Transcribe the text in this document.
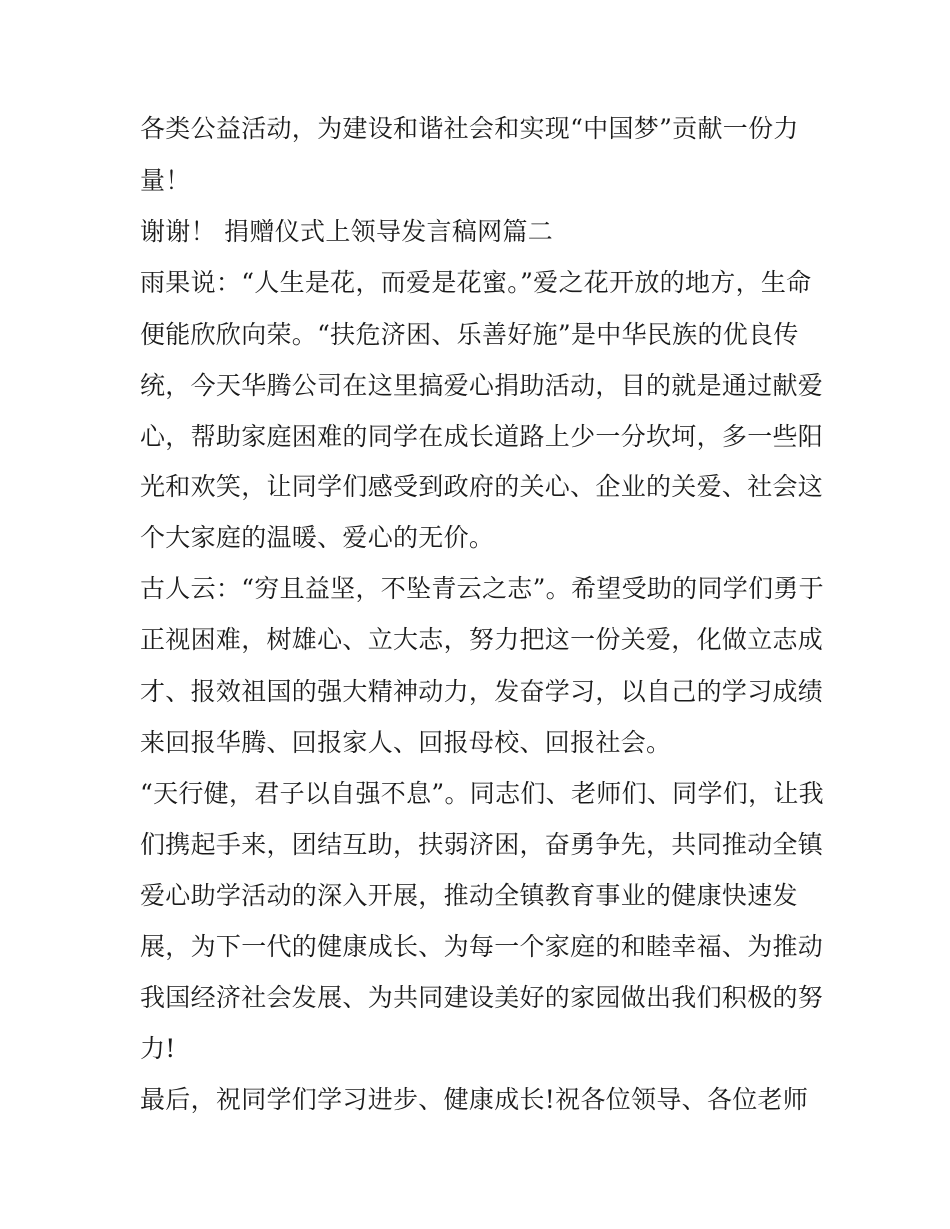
各类公益活动，为建设和谐社会和实现“中国梦”贡献一份力
量！
谢谢！ 捐赠仪式上领导发言稿网篇二
雨果说：“人生是花，而爱是花蜜。”爱之花开放的地方，生命
便能欣欣向荣。“扶危济困、乐善好施”是中华民族的优良传
统，今天华腾公司在这里搞爱心捐助活动，目的就是通过献爱
心，帮助家庭困难的同学在成长道路上少一分坎坷，多一些阳
光和欢笑，让同学们感受到政府的关心、企业的关爱、社会这
个大家庭的温暖、爱心的无价。
古人云：“穷且益坚，不坠青云之志”。希望受助的同学们勇于
正视困难，树雄心、立大志，努力把这一份关爱，化做立志成
才、报效祖国的强大精神动力，发奋学习，以自己的学习成绩
来回报华腾、回报家人、回报母校、回报社会。
“天行健，君子以自强不息”。同志们、老师们、同学们，让我
们携起手来，团结互助，扶弱济困，奋勇争先，共同推动全镇
爱心助学活动的深入开展，推动全镇教育事业的健康快速发
展，为下一代的健康成长、为每一个家庭的和睦幸福、为推动
我国经济社会发展、为共同建设美好的家园做出我们积极的努
力!
最后，祝同学们学习进步、健康成长!祝各位领导、各位老师
